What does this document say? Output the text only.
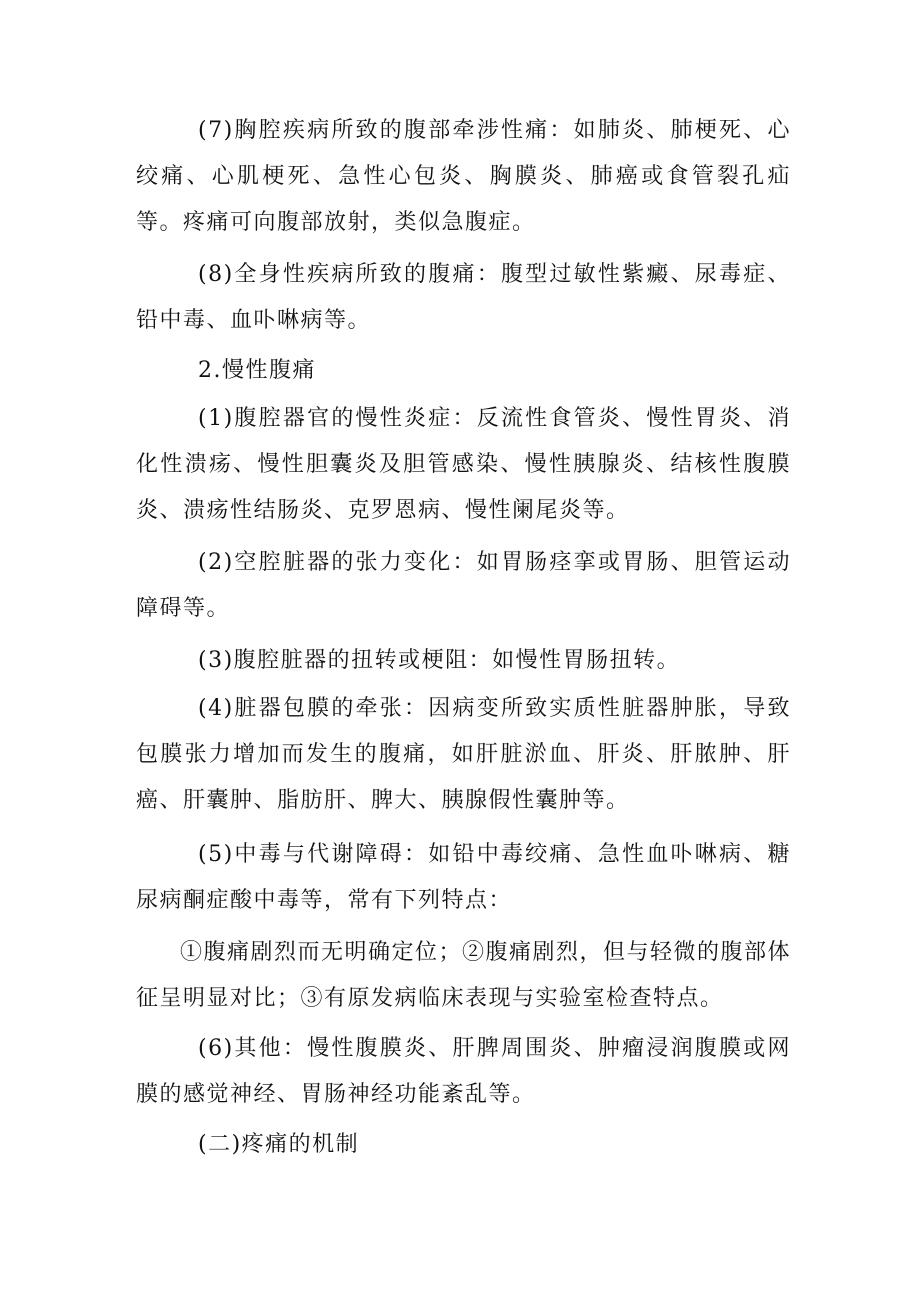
(7)胸腔疾病所致的腹部牵涉性痛：如肺炎、肺梗死、心绞痛、心肌梗死、急性心包炎、胸膜炎、肺癌或食管裂孔疝等。疼痛可向腹部放射，类似急腹症。

(8)全身性疾病所致的腹痛：腹型过敏性紫癜、尿毒症、铅中毒、血卟啉病等。

2.慢性腹痛

(1)腹腔器官的慢性炎症：反流性食管炎、慢性胃炎、消化性溃疡、慢性胆囊炎及胆管感染、慢性胰腺炎、结核性腹膜炎、溃疡性结肠炎、克罗恩病、慢性阑尾炎等。

(2)空腔脏器的张力变化：如胃肠痉挛或胃肠、胆管运动障碍等。

(3)腹腔脏器的扭转或梗阻：如慢性胃肠扭转。

(4)脏器包膜的牵张：因病变所致实质性脏器肿胀，导致包膜张力增加而发生的腹痛，如肝脏淤血、肝炎、肝脓肿、肝癌、肝囊肿、脂肪肝、脾大、胰腺假性囊肿等。

(5)中毒与代谢障碍：如铅中毒绞痛、急性血卟啉病、糖尿病酮症酸中毒等，常有下列特点：

①腹痛剧烈而无明确定位；②腹痛剧烈，但与轻微的腹部体征呈明显对比；③有原发病临床表现与实验室检查特点。

(6)其他：慢性腹膜炎、肝脾周围炎、肿瘤浸润腹膜或网膜的感觉神经、胃肠神经功能紊乱等。

(二)疼痛的机制
